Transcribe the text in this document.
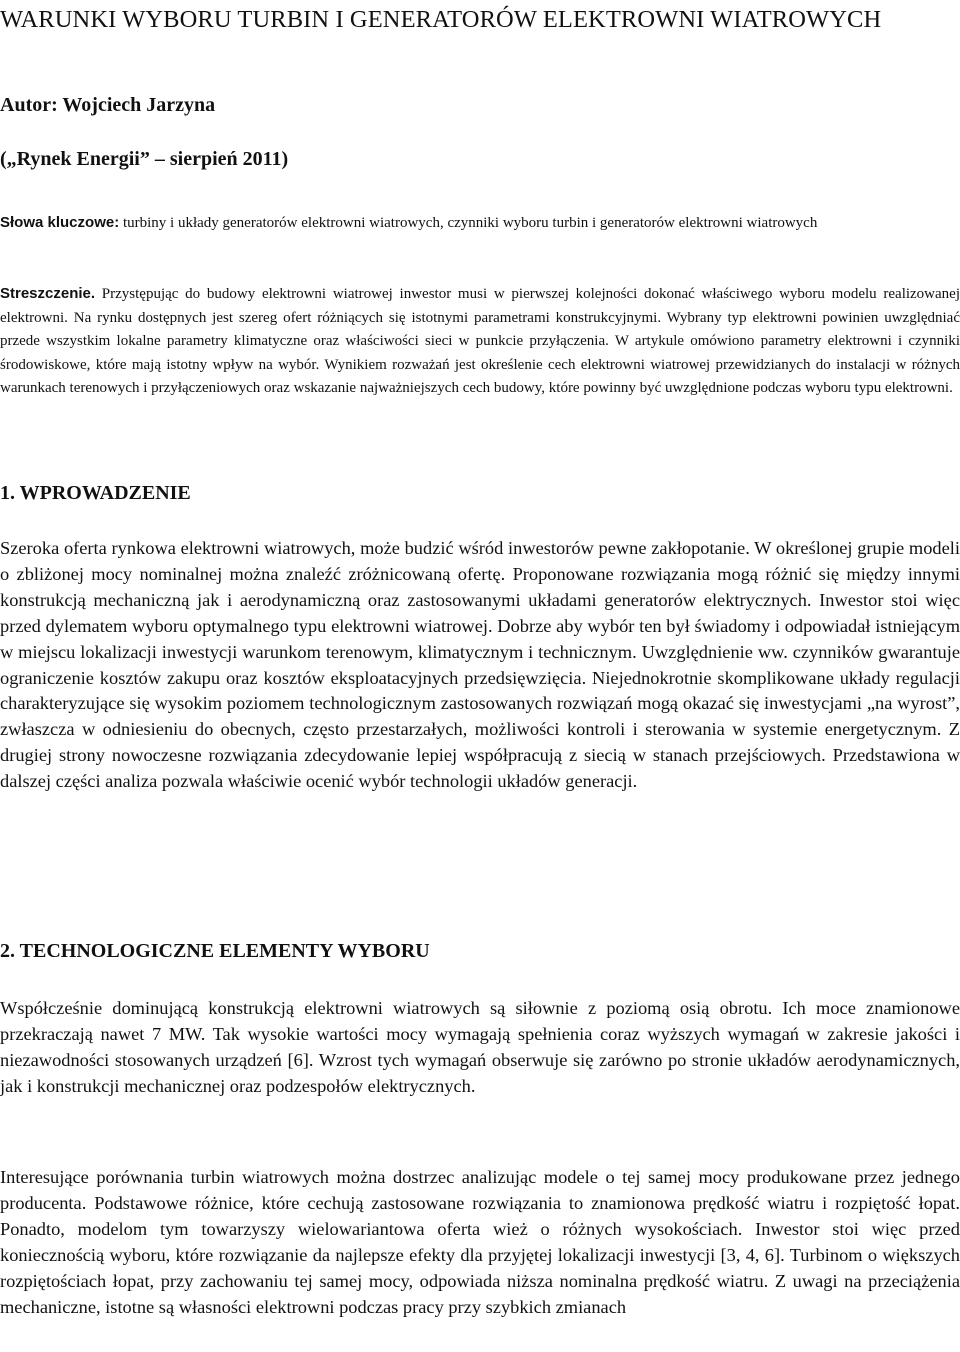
WARUNKI WYBORU TURBIN I GENERATORÓW ELEKTROWNI WIATROWYCH

Autor: Wojciech Jarzyna

(„Rynek Energii” – sierpień 2011)

Słowa kluczowe: turbiny i układy generatorów elektrowni wiatrowych, czynniki wyboru turbin i generatorów elektrowni wiatrowych

Streszczenie. Przystępując do budowy elektrowni wiatrowej inwestor musi w pierwszej kolejności dokonać właściwego wyboru modelu realizowanej elektrowni. Na rynku dostępnych jest szereg ofert różniących się istotnymi parametrami konstrukcyjnymi. Wybrany typ elektrowni powinien uwzględniać przede wszystkim lokalne parametry klimatyczne oraz właściwości sieci w punkcie przyłączenia. W artykule omówiono parametry elektrowni i czynniki środowiskowe, które mają istotny wpływ na wybór. Wynikiem rozważań jest określenie cech elektrowni wiatrowej przewidzianych do instalacji w różnych warunkach terenowych i przyłączeniowych oraz wskazanie najważniejszych cech budowy, które powinny być uwzględnione podczas wyboru typu elektrowni.

1. WPROWADZENIE

Szeroka oferta rynkowa elektrowni wiatrowych, może budzić wśród inwestorów pewne zakłopotanie. W określonej grupie modeli o zbliżonej mocy nominalnej można znaleźć zróżnicowaną ofertę. Proponowane rozwiązania mogą różnić się między innymi konstrukcją mechaniczną jak i aerodynamiczną oraz zastosowanymi układami generatorów elektrycznych. Inwestor stoi więc przed dylematem wyboru optymalnego typu elektrowni wiatrowej. Dobrze aby wybór ten był świadomy i odpowiadał istniejącym w miejscu lokalizacji inwestycji warunkom terenowym, klimatycznym i technicznym. Uwzględnienie ww. czynników gwarantuje ograniczenie kosztów zakupu oraz kosztów eksploatacyjnych przedsięwzięcia. Niejednokrotnie skomplikowane układy regulacji charakteryzujące się wysokim poziomem technologicznym zastosowanych rozwiązań mogą okazać się inwestycjami „na wyrost”, zwłaszcza w odniesieniu do obecnych, często przestarzałych, możliwości kontroli i sterowania w systemie energetycznym. Z drugiej strony nowoczesne rozwiązania zdecydowanie lepiej współpracują z siecią w stanach przejściowych. Przedstawiona w dalszej części analiza pozwala właściwie ocenić wybór technologii układów generacji.

2. TECHNOLOGICZNE ELEMENTY WYBORU

Współcześnie dominującą konstrukcją elektrowni wiatrowych są siłownie z poziomą osią obrotu. Ich moce znamionowe przekraczają nawet 7 MW. Tak wysokie wartości mocy wymagają spełnienia coraz wyższych wymagań w zakresie jakości i niezawodności stosowanych urządzeń [6]. Wzrost tych wymagań obserwuje się zarówno po stronie układów aerodynamicznych, jak i konstrukcji mechanicznej oraz podzespołów elektrycznych.

Interesujące porównania turbin wiatrowych można dostrzec analizując modele o tej samej mocy produkowane przez jednego producenta. Podstawowe różnice, które cechują zastosowane rozwiązania to znamionowa prędkość wiatru i rozpiętość łopat. Ponadto, modelom tym towarzyszy wielowariantowa oferta wież o różnych wysokościach. Inwestor stoi więc przed koniecznością wyboru, które rozwiązanie da najlepsze efekty dla przyjętej lokalizacji inwestycji [3, 4, 6]. Turbinom o większych rozpiętościach łopat, przy zachowaniu tej samej mocy, odpowiada niższa nominalna prędkość wiatru. Z uwagi na przeciążenia mechaniczne, istotne są własności elektrowni podczas pracy przy szybkich zmianach
